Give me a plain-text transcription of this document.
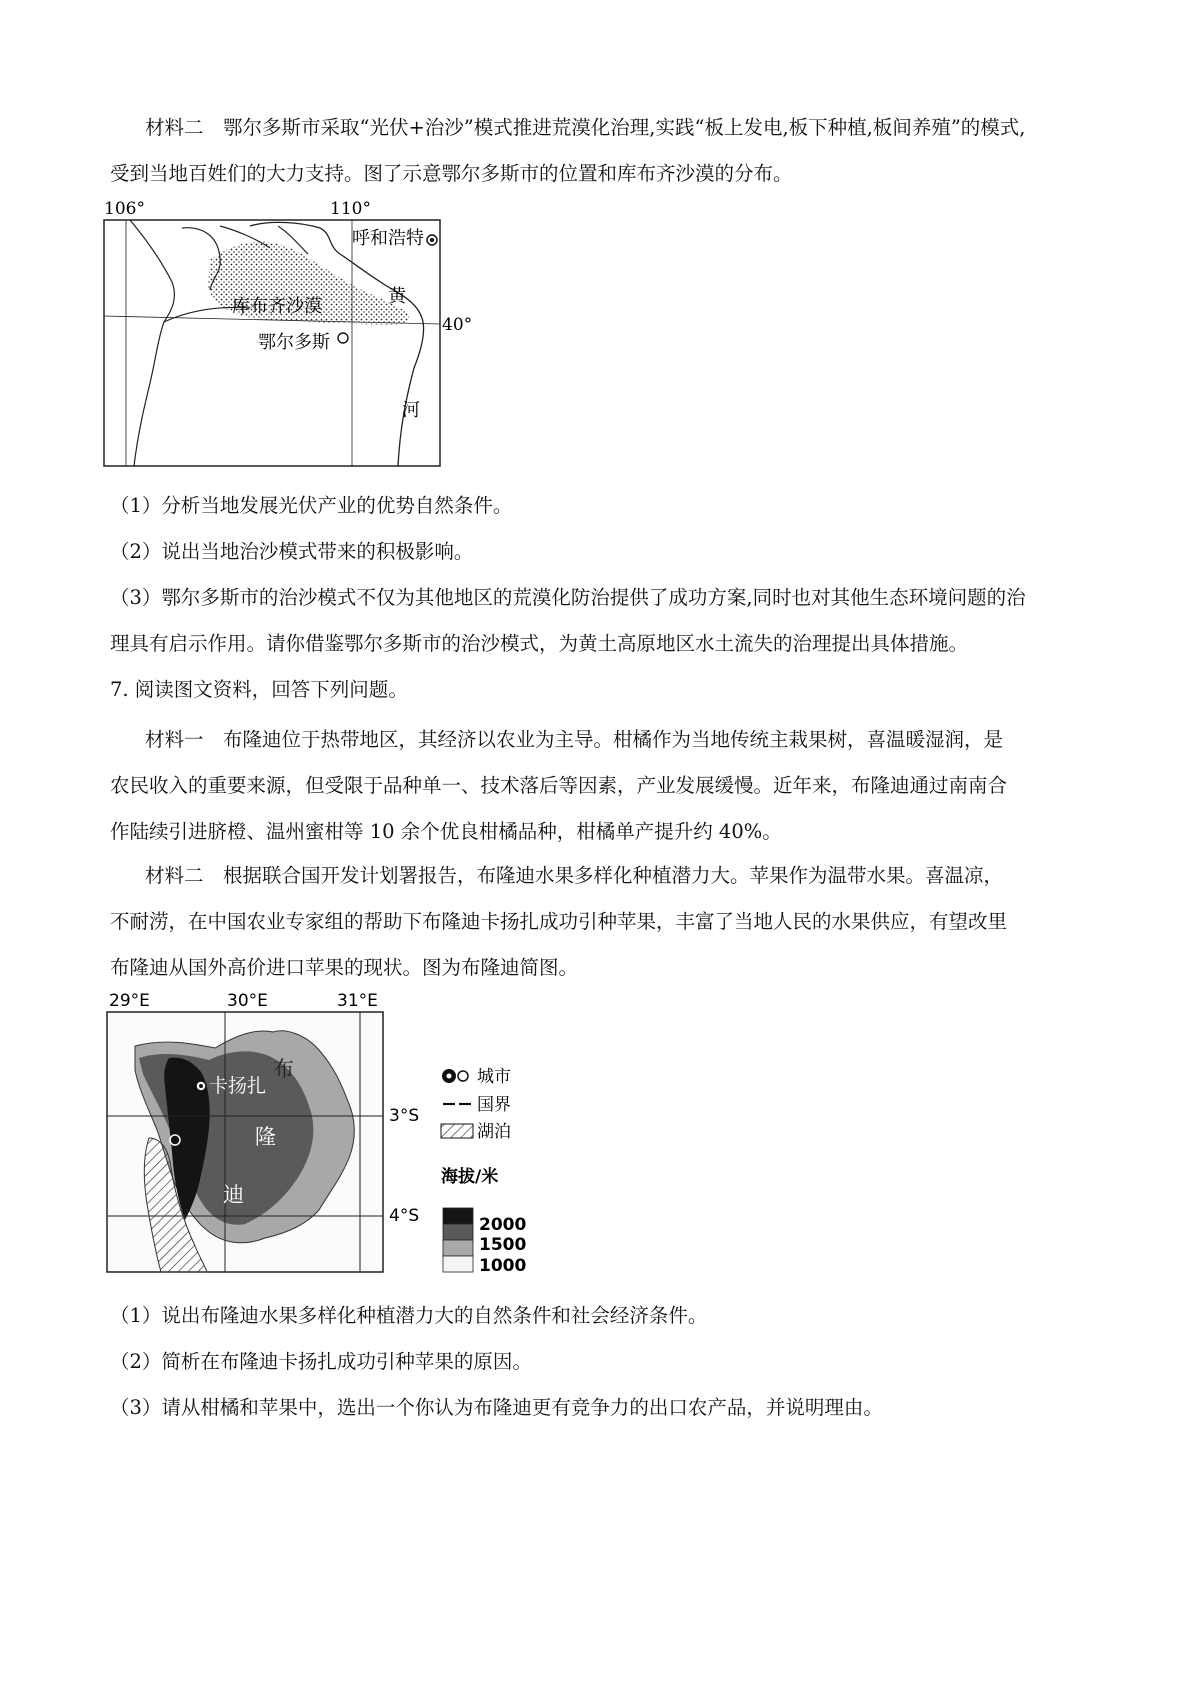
材料二　鄂尔多斯市采取“光伏+治沙”模式推进荒漠化治理,实践“板上发电,板下种植,板间养殖”的模式,

受到当地百姓们的大力支持。图了示意鄂尔多斯市的位置和库布齐沙漠的分布。

106°	110°
40°
呼和浩特
库布齐沙漠
鄂尔多斯
黄
河

（1）分析当地发展光伏产业的优势自然条件。

（2）说出当地治沙模式带来的积极影响。

（3）鄂尔多斯市的治沙模式不仅为其他地区的荒漠化防治提供了成功方案,同时也对其他生态环境问题的治

理具有启示作用。请你借鉴鄂尔多斯市的治沙模式，为黄土高原地区水土流失的治理提出具体措施。

7. 阅读图文资料，回答下列问题。

材料一　布隆迪位于热带地区，其经济以农业为主导。柑橘作为当地传统主栽果树，喜温暖湿润，是

农民收入的重要来源，但受限于品种单一、技术落后等因素，产业发展缓慢。近年来，布隆迪通过南南合

作陆续引进脐橙、温州蜜柑等 10 余个优良柑橘品种，柑橘单产提升约 40%。

材料二　根据联合国开发计划署报告，布隆迪水果多样化种植潜力大。苹果作为温带水果。喜温凉，

不耐涝，在中国农业专家组的帮助下布隆迪卡扬扎成功引种苹果，丰富了当地人民的水果供应，有望改里

布隆迪从国外高价进口苹果的现状。图为布隆迪简图。

29°E	30°E	31°E
3°S
4°S
卡扬扎
布
隆
迪
城市
国界
湖泊
海拔/米
2000
1500
1000

（1）说出布隆迪水果多样化种植潜力大的自然条件和社会经济条件。

（2）简析在布隆迪卡扬扎成功引种苹果的原因。

（3）请从柑橘和苹果中，选出一个你认为布隆迪更有竞争力的出口农产品，并说明理由。
